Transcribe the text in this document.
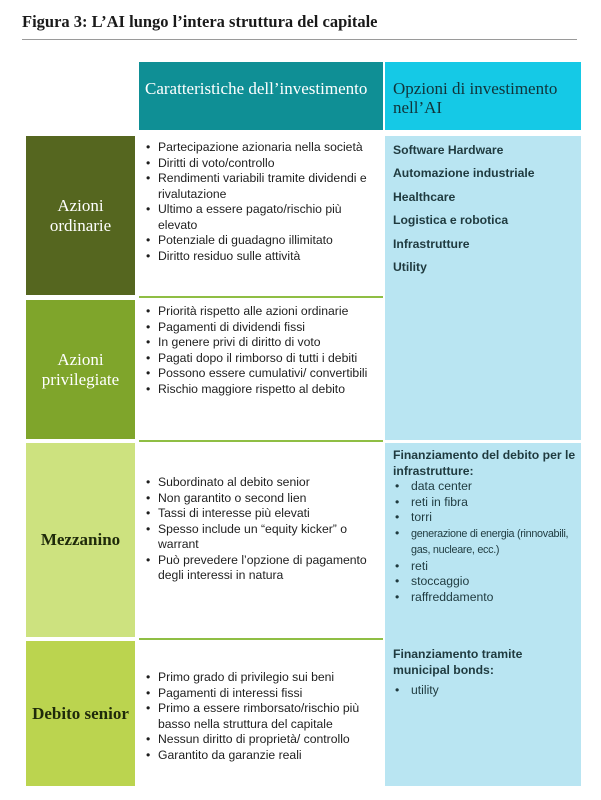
Figura 3: L’AI lungo l’intera struttura del capitale
Caratteristiche dell’investimento	Opzioni di investimento nell’AI
Azioni ordinarie
Azioni privilegiate
Mezzanino
Debito senior
• Partecipazione azionaria nella società
• Diritti di voto/controllo
• Rendimenti variabili tramite dividendi e rivalutazione
• Ultimo a essere pagato/rischio più elevato
• Potenziale di guadagno illimitato
• Diritto residuo sulle attività
• Priorità rispetto alle azioni ordinarie
• Pagamenti di dividendi fissi
• In genere privi di diritto di voto
• Pagati dopo il rimborso di tutti i debiti
• Possono essere cumulativi/ convertibili
• Rischio maggiore rispetto al debito
• Subordinato al debito senior
• Non garantito o second lien
• Tassi di interesse più elevati
• Spesso include un “equity kicker” o warrant
• Può prevedere l’opzione di pagamento degli interessi in natura
• Primo grado di privilegio sui beni
• Pagamenti di interessi fissi
• Primo a essere rimborsato/rischio più basso nella struttura del capitale
• Nessun diritto di proprietà/ controllo
• Garantito da garanzie reali
Software Hardware
Automazione industriale
Healthcare
Logistica e robotica
Infrastrutture
Utility
Finanziamento del debito per le infrastrutture:
• data center
• reti in fibra
• torri
• generazione di energia (rinnovabili, gas, nucleare, ecc.)
• reti
• stoccaggio
• raffreddamento
Finanziamento tramite municipal bonds:
• utility
